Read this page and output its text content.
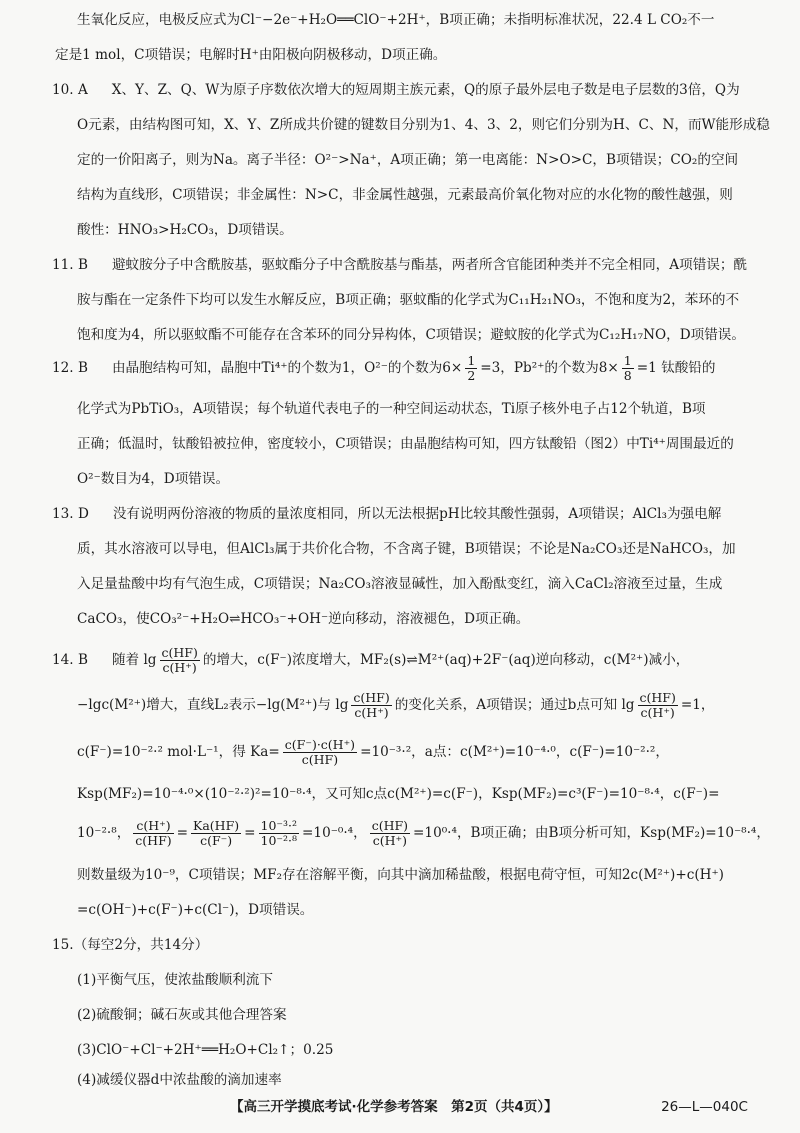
生氧化反应，电极反应式为Cl⁻−2e⁻+H₂O══ClO⁻+2H⁺，B项正确；未指明标准状况，22.4 L CO₂不一
定是1 mol，C项错误；电解时H⁺由阳极向阴极移动，D项正确。
10. A X、Y、Z、Q、W为原子序数依次增大的短周期主族元素，Q的原子最外层电子数是电子层数的3倍，Q为
O元素，由结构图可知，X、Y、Z所成共价键的键数目分别为1、4、3、2，则它们分别为H、C、N，而W能形成稳
定的一价阳离子，则为Na。离子半径：O²⁻>Na⁺，A项正确；第一电离能：N>O>C，B项错误；CO₂的空间
结构为直线形，C项错误；非金属性：N>C，非金属性越强，元素最高价氧化物对应的水化物的酸性越强，则
酸性：HNO₃>H₂CO₃，D项错误。
11. B 避蚊胺分子中含酰胺基，驱蚊酯分子中含酰胺基与酯基，两者所含官能团种类并不完全相同，A项错误；酰
胺与酯在一定条件下均可以发生水解反应，B项正确；驱蚊酯的化学式为C₁₁H₂₁NO₃，不饱和度为2，苯环的不
饱和度为4，所以驱蚊酯不可能存在含苯环的同分异构体，C项错误；避蚊胺的化学式为C₁₂H₁₇NO，D项错误。
12. B 由晶胞结构可知，晶胞中Ti⁴⁺的个数为1，O²⁻的个数为$6\times \frac{1}{2} =3$，Pb²⁺的个数为$8\times \frac{1}{8} =1$ 钛酸铅的
化学式为PbTiO₃，A项错误；每个轨道代表电子的一种空间运动状态，Ti原子核外电子占12个轨道，B项
正确；低温时，钛酸铅被拉伸，密度较小，C项错误；由晶胞结构可知，四方钛酸铅（图2）中Ti⁴⁺周围最近的
O²⁻数目为4，D项错误。
13. D 没有说明两份溶液的物质的量浓度相同，所以无法根据pH比较其酸性强弱，A项错误；AlCl₃为强电解
质，其水溶液可以导电，但AlCl₃属于共价化合物，不含离子键，B项错误；不论是Na₂CO₃还是NaHCO₃，加
入足量盐酸中均有气泡生成，C项错误；Na₂CO₃溶液显碱性，加入酚酞变红，滴入CaCl₂溶液至过量，生成
CaCO₃，使CO₃²⁻+H₂O⇌HCO₃⁻+OH⁻逆向移动，溶液褪色，D项正确。
14. B 随着 $\lg \frac{c(HF)}{c(H^+)}$ 的增大，c(F⁻)浓度增大，MF₂(s)⇌M²⁺(aq)+2F⁻(aq)逆向移动，c(M²⁺)减小，
−lgc(M²⁺)增大，直线L₂表示−lg(M²⁺)与 $\lg \frac{c(HF)}{c(H^+)}$ 的变化关系，A项错误；通过b点可知 $\lg \frac{c(HF)}{c(H^+)} =1$，
c(F⁻)=10⁻²·² mol·L⁻¹，得 $Ka= \frac{c(F^-)\cdot c(H^+)}{c(HF)} =10^{-3}\cdot^2$，a点：c(M²⁺)=10⁻⁴·⁰，c(F⁻)=10⁻²·²，
Ksp(MF₂)=10⁻⁴·⁰×(10⁻²·²)²=10⁻⁸·⁴，又可知c点c(M²⁺)=c(F⁻)，Ksp(MF₂)=c³(F⁻)=10⁻⁸·⁴，c(F⁻)=
10⁻²·⁸， $\frac{c(H^+)}{c(HF)} = \frac{Ka(HF)}{c(F^-)} = \frac{\text{10⁻³·²}}{\text{10⁻²·⁸}} =10^{-0}\cdot^4$， $\frac{c(HF)}{c(H^+)} =10^0\cdot^4$，B项正确；由B项分析可知，Ksp(MF₂)=10⁻⁸·⁴，
则数量级为10⁻⁹，C项错误；MF₂存在溶解平衡，向其中滴加稀盐酸，根据电荷守恒，可知2c(M²⁺)+c(H⁺)
=c(OH⁻)+c(F⁻)+c(Cl⁻)，D项错误。
15.（每空2分，共14分）
(1)平衡气压，使浓盐酸顺利流下
(2)硫酸铜；碱石灰或其他合理答案
(3)ClO⁻+Cl⁻+2H⁺══H₂O+Cl₂↑；0.25
(4)减缓仪器d中浓盐酸的滴加速率
【高三开学摸底考试·化学参考答案　第2页（共4页）】	26—L—040C
